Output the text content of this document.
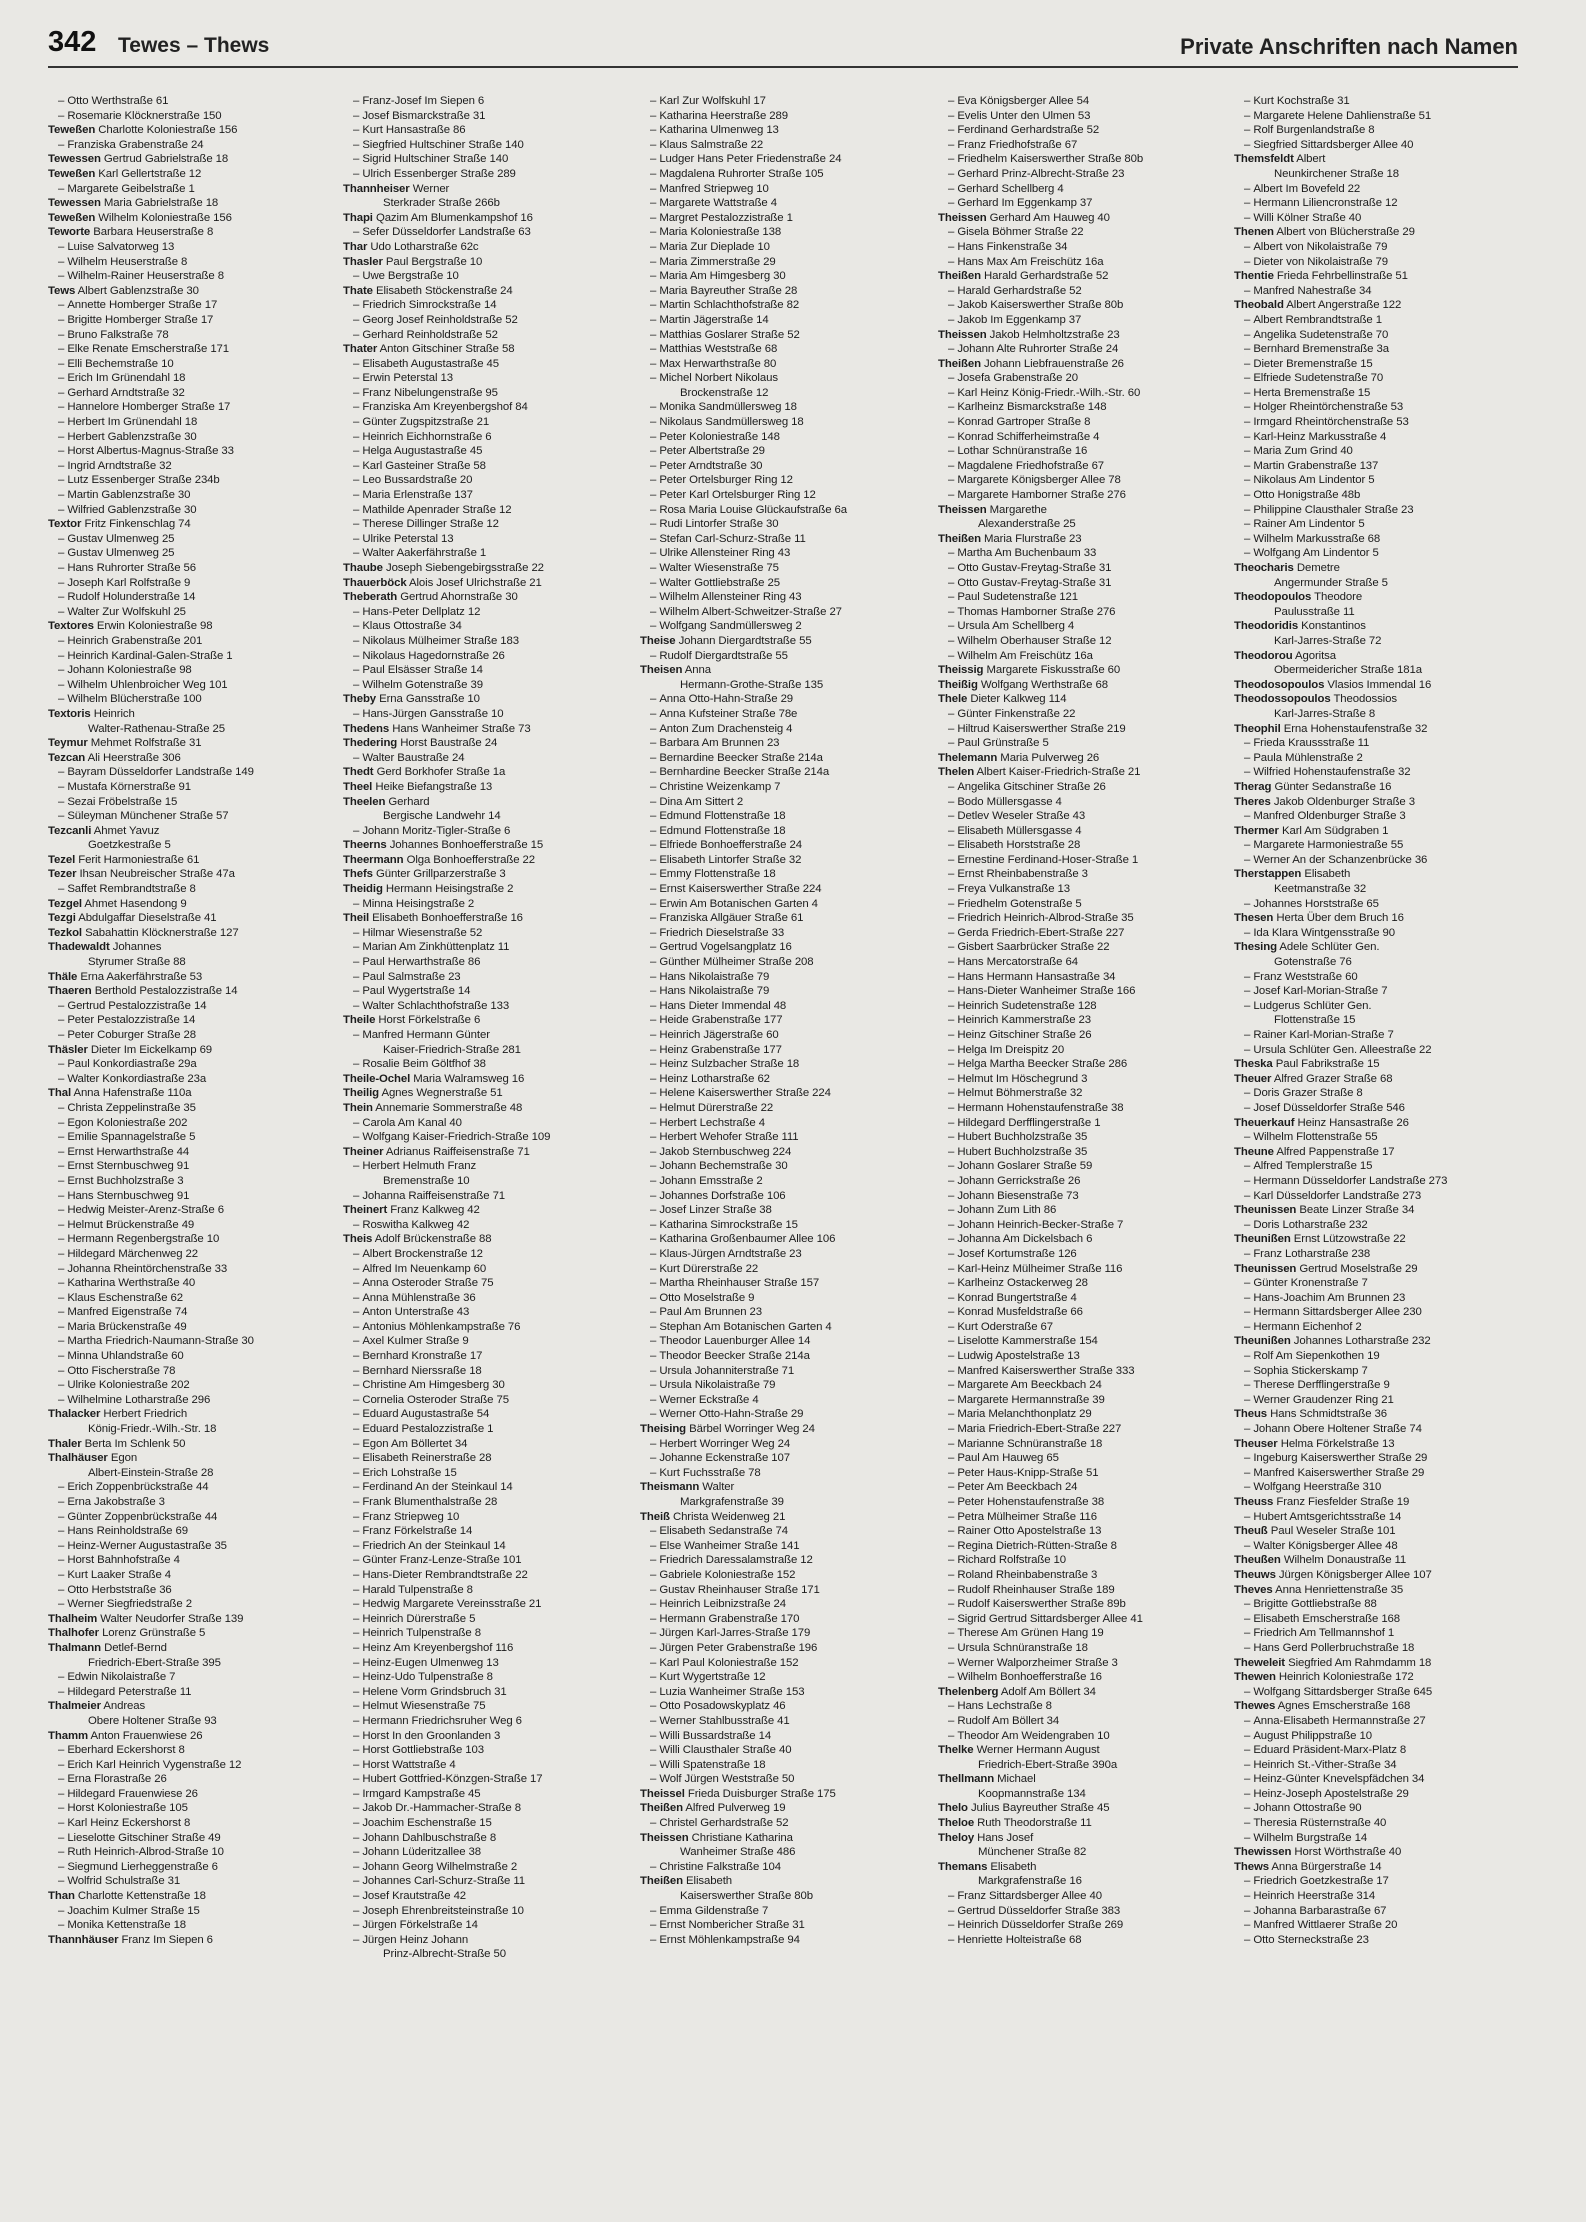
342 Tewes – Thews	Private Anschriften nach Namen
– Otto Werthstraße 61
– Rosemarie Klöcknerstraße 150
Teweßen Charlotte Koloniestraße 156
– Franziska Grabenstraße 24
Tewessen Gertrud Gabrielstraße 18
Teweßen Karl Gellertstraße 12
– Margarete Geibelstraße 1
Tewessen Maria Gabrielstraße 18
Teweßen Wilhelm Koloniestraße 156
Teworte Barbara Heuserstraße 8
– Luise Salvatorweg 13
– Wilhelm Heuserstraße 8
– Wilhelm-Rainer Heuserstraße 8
Tews Albert Gablenzstraße 30
– Annette Homberger Straße 17
– Brigitte Homberger Straße 17
– Bruno Falkstraße 78
– Elke Renate Emscherstraße 171
– Elli Bechemstraße 10
– Erich Im Grünendahl 18
– Gerhard Arndtstraße 32
– Hannelore Homberger Straße 17
– Herbert Im Grünendahl 18
– Herbert Gablenzstraße 30
– Horst Albertus-Magnus-Straße 33
– Ingrid Arndtstraße 32
– Lutz Essenberger Straße 234b
– Martin Gablenzstraße 30
– Wilfried Gablenzstraße 30
Textor Fritz Finkenschlag 74
– Gustav Ulmenweg 25
– Gustav Ulmenweg 25
– Hans Ruhrorter Straße 56
– Joseph Karl Rolfstraße 9
– Rudolf Holunderstraße 14
– Walter Zur Wolfskuhl 25
Textores Erwin Koloniestraße 98
– Heinrich Grabenstraße 201
– Heinrich Kardinal-Galen-Straße 1
– Johann Koloniestraße 98
– Wilhelm Uhlenbroicher Weg 101
– Wilhelm Blücherstraße 100
Textoris Heinrich
Walter-Rathenau-Straße 25
Teymur Mehmet Rolfstraße 31
Tezcan Ali Heerstraße 306
– Bayram Düsseldorfer Landstraße 149
– Mustafa Körnerstraße 91
– Sezai Fröbelstraße 15
– Süleyman Münchener Straße 57
Tezcanli Ahmet Yavuz
Goetzkestraße 5
Tezel Ferit Harmoniestraße 61
Tezer Ihsan Neubreischer Straße 47a
– Saffet Rembrandtstraße 8
Tezgel Ahmet Hasendong 9
Tezgi Abdulgaffar Dieselstraße 41
Tezkol Sabahattin Klöcknerstraße 127
Thadewaldt Johannes
Styrumer Straße 88
Thäle Erna Aakerfährstraße 53
Thaeren Berthold Pestalozzistraße 14
– Gertrud Pestalozzistraße 14
– Peter Pestalozzistraße 14
– Peter Coburger Straße 28
Thäsler Dieter Im Eickelkamp 69
– Paul Konkordiastraße 29a
– Walter Konkordiastraße 23a
Thal Anna Hafenstraße 110a
– Christa Zeppelinstraße 35
– Egon Koloniestraße 202
– Emilie Spannagelstraße 5
– Ernst Herwarthstraße 44
– Ernst Sternbuschweg 91
– Ernst Buchholzstraße 3
– Hans Sternbuschweg 91
– Hedwig Meister-Arenz-Straße 6
– Helmut Brückenstraße 49
– Hermann Regenbergstraße 10
– Hildegard Märchenweg 22
– Johanna Rheintörchenstraße 33
– Katharina Werthstraße 40
– Klaus Eschenstraße 62
– Manfred Eigenstraße 74
– Maria Brückenstraße 49
– Martha Friedrich-Naumann-Straße 30
– Minna Uhlandstraße 60
– Otto Fischerstraße 78
– Ulrike Koloniestraße 202
– Wilhelmine Lotharstraße 296
Thalacker Herbert Friedrich
König-Friedr.-Wilh.-Str. 18
Thaler Berta Im Schlenk 50
Thalhäuser Egon
Albert-Einstein-Straße 28
– Erich Zoppenbrückstraße 44
– Erna Jakobstraße 3
– Günter Zoppenbrückstraße 44
– Hans Reinholdstraße 69
– Heinz-Werner Augustastraße 35
– Horst Bahnhofstraße 4
– Kurt Laaker Straße 4
– Otto Herbststraße 36
– Werner Siegfriedstraße 2
Thalheim Walter Neudorfer Straße 139
Thalhofer Lorenz Grünstraße 5
Thalmann Detlef-Bernd
Friedrich-Ebert-Straße 395
– Edwin Nikolaistraße 7
– Hildegard Peterstraße 11
Thalmeier Andreas
Obere Holtener Straße 93
Thamm Anton Frauenwiese 26
– Eberhard Eckershorst 8
– Erich Karl Heinrich Vygenstraße 12
– Erna Florastraße 26
– Hildegard Frauenwiese 26
– Horst Koloniestraße 105
– Karl Heinz Eckershorst 8
– Lieselotte Gitschiner Straße 49
– Ruth Heinrich-Albrod-Straße 10
– Siegmund Lierheggenstraße 6
– Wolfrid Schulstraße 31
Than Charlotte Kettenstraße 18
– Joachim Kulmer Straße 15
– Monika Kettenstraße 18
Thannhäuser Franz Im Siepen 6
– Franz-Josef Im Siepen 6
– Josef Bismarckstraße 31
– Kurt Hansastraße 86
– Siegfried Hultschiner Straße 140
– Sigrid Hultschiner Straße 140
– Ulrich Essenberger Straße 289
Thannheiser Werner
Sterkrader Straße 266b
Thapi Qazim Am Blumenkampshof 16
– Sefer Düsseldorfer Landstraße 63
Thar Udo Lotharstraße 62c
Thasler Paul Bergstraße 10
– Uwe Bergstraße 10
Thate Elisabeth Stöckenstraße 24
– Friedrich Simrockstraße 14
– Georg Josef Reinholdstraße 52
– Gerhard Reinholdstraße 52
Thater Anton Gitschiner Straße 58
– Elisabeth Augustastraße 45
– Erwin Peterstal 13
– Franz Nibelungenstraße 95
– Franziska Am Kreyenbergshof 84
– Günter Zugspitzstraße 21
– Heinrich Eichhornstraße 6
– Helga Augustastraße 45
– Karl Gasteiner Straße 58
– Leo Bussardstraße 20
– Maria Erlenstraße 137
– Mathilde Apenrader Straße 12
– Therese Dillinger Straße 12
– Ulrike Peterstal 13
– Walter Aakerfährstraße 1
Thaube Joseph Siebengebirgsstraße 22
Thauerböck Alois Josef Ulrichstraße 21
Theberath Gertrud Ahornstraße 30
– Hans-Peter Dellplatz 12
– Klaus Ottostraße 34
– Nikolaus Mülheimer Straße 183
– Nikolaus Hagedornstraße 26
– Paul Elsässer Straße 14
– Wilhelm Gotenstraße 39
Theby Erna Gansstraße 10
– Hans-Jürgen Gansstraße 10
Thedens Hans Wanheimer Straße 73
Thedering Horst Baustraße 24
– Walter Baustraße 24
Thedt Gerd Borkhofer Straße 1a
Theel Heike Biefangstraße 13
Theelen Gerhard
Bergische Landwehr 14
– Johann Moritz-Tigler-Straße 6
Theerns Johannes Bonhoefferstraße 15
Theermann Olga Bonhoefferstraße 22
Thefs Günter Grillparzerstraße 3
Theidig Hermann Heisingstraße 2
– Minna Heisingstraße 2
Theil Elisabeth Bonhoefferstraße 16
– Hilmar Wiesenstraße 52
– Marian Am Zinkhüttenplatz 11
– Paul Herwarthstraße 86
– Paul Salmstraße 23
– Paul Wygertstraße 14
– Walter Schlachthofstraße 133
Theile Horst Förkelstraße 6
– Manfred Hermann Günter
Kaiser-Friedrich-Straße 281
– Rosalie Beim Göltfhof 38
Theile-Ochel Maria Walramsweg 16
Theilig Agnes Wegnerstraße 51
Thein Annemarie Sommerstraße 48
– Carola Am Kanal 40
– Wolfgang Kaiser-Friedrich-Straße 109
Theiner Adrianus Raiffeisenstraße 71
– Herbert Helmuth Franz
Bremenstraße 10
– Johanna Raiffeisenstraße 71
Theinert Franz Kalkweg 42
– Roswitha Kalkweg 42
Theis Adolf Brückenstraße 88
– Albert Brockenstraße 12
– Alfred Im Neuenkamp 60
– Anna Osteroder Straße 75
– Anna Mühlenstraße 36
– Anton Unterstraße 43
– Antonius Möhlenkampstraße 76
– Axel Kulmer Straße 9
– Bernhard Kronstraße 17
– Bernhard Nierssraße 18
– Christine Am Himgesberg 30
– Cornelia Osteroder Straße 75
– Eduard Augustastraße 54
– Eduard Pestalozzistraße 1
– Egon Am Böllertet 34
– Elisabeth Reinerstraße 28
– Erich Lohstraße 15
– Ferdinand An der Steinkaul 14
– Frank Blumenthalstraße 28
– Franz Striepweg 10
– Franz Förkelstraße 14
– Friedrich An der Steinkaul 14
– Günter Franz-Lenze-Straße 101
– Hans-Dieter Rembrandtstraße 22
– Harald Tulpenstraße 8
– Hedwig Margarete Vereinsstraße 21
– Heinrich Dürerstraße 5
– Heinrich Tulpenstraße 8
– Heinz Am Kreyenbergshof 116
– Heinz-Eugen Ulmenweg 13
– Heinz-Udo Tulpenstraße 8
– Helene Vorm Grindsbruch 31
– Helmut Wiesenstraße 75
– Hermann Friedrichsruher Weg 6
– Horst In den Groonlanden 3
– Horst Gottliebstraße 103
– Horst Wattstraße 4
– Hubert Gottfried-Könzgen-Straße 17
– Irmgard Kampstraße 45
– Jakob Dr.-Hammacher-Straße 8
– Joachim Eschenstraße 15
– Johann Dahlbuschstraße 8
– Johann Lüderitzallee 38
– Johann Georg Wilhelmstraße 2
– Johannes Carl-Schurz-Straße 11
– Josef Krautstraße 42
– Joseph Ehrenbreitsteinstraße 10
– Jürgen Förkelstraße 14
– Jürgen Heinz Johann
Prinz-Albrecht-Straße 50
– Karl Zur Wolfskuhl 17
– Katharina Heerstraße 289
– Katharina Ulmenweg 13
– Klaus Salmstraße 22
– Ludger Hans Peter Friedenstraße 24
– Magdalena Ruhrorter Straße 105
– Manfred Striepweg 10
– Margarete Wattstraße 4
– Margret Pestalozzistraße 1
– Maria Koloniestraße 138
– Maria Zur Dieplade 10
– Maria Zimmerstraße 29
– Maria Am Himgesberg 30
– Maria Bayreuther Straße 28
– Martin Schlachthofstraße 82
– Martin Jägerstraße 14
– Matthias Goslarer Straße 52
– Matthias Weststraße 68
– Max Herwarthstraße 80
– Michel Norbert Nikolaus
Brockenstraße 12
– Monika Sandmüllersweg 18
– Nikolaus Sandmüllersweg 18
– Peter Koloniestraße 148
– Peter Albertstraße 29
– Peter Arndtstraße 30
– Peter Ortelsburger Ring 12
– Peter Karl Ortelsburger Ring 12
– Rosa Maria Louise Glückaufstraße 6a
– Rudi Lintorfer Straße 30
– Stefan Carl-Schurz-Straße 11
– Ulrike Allensteiner Ring 43
– Walter Wiesenstraße 75
– Walter Gottliebstraße 25
– Wilhelm Allensteiner Ring 43
– Wilhelm Albert-Schweitzer-Straße 27
– Wolfgang Sandmüllersweg 2
Theise Johann Diergardtstraße 55
– Rudolf Diergardtstraße 55
Theisen Anna
Hermann-Grothe-Straße 135
– Anna Otto-Hahn-Straße 29
– Anna Kufsteiner Straße 78e
– Anton Zum Drachensteig 4
– Barbara Am Brunnen 23
– Bernardine Beecker Straße 214a
– Bernhardine Beecker Straße 214a
– Christine Weizenkamp 7
– Dina Am Sittert 2
– Edmund Flottenstraße 18
– Edmund Flottenstraße 18
– Elfriede Bonhoefferstraße 24
– Elisabeth Lintorfer Straße 32
– Emmy Flottenstraße 18
– Ernst Kaiserswerther Straße 224
– Erwin Am Botanischen Garten 4
– Franziska Allgäuer Straße 61
– Friedrich Dieselstraße 33
– Gertrud Vogelsangplatz 16
– Günther Mülheimer Straße 208
– Hans Nikolaistraße 79
– Hans Nikolaistraße 79
– Hans Dieter Immendal 48
– Heide Grabenstraße 177
– Heinrich Jägerstraße 60
– Heinz Grabenstraße 177
– Heinz Sulzbacher Straße 18
– Heinz Lotharstraße 62
– Helene Kaiserswerther Straße 224
– Helmut Dürerstraße 22
– Herbert Lechstraße 4
– Herbert Wehofer Straße 111
– Jakob Sternbuschweg 224
– Johann Bechemstraße 30
– Johann Emsstraße 2
– Johannes Dorfstraße 106
– Josef Linzer Straße 38
– Katharina Simrockstraße 15
– Katharina Großenbaumer Allee 106
– Klaus-Jürgen Arndtstraße 23
– Kurt Dürerstraße 22
– Martha Rheinhauser Straße 157
– Otto Moselstraße 9
– Paul Am Brunnen 23
– Stephan Am Botanischen Garten 4
– Theodor Lauenburger Allee 14
– Theodor Beecker Straße 214a
– Ursula Johanniterstraße 71
– Ursula Nikolaistraße 79
– Werner Eckstraße 4
– Werner Otto-Hahn-Straße 29
Theising Bärbel Worringer Weg 24
– Herbert Worringer Weg 24
– Johanne Eckenstraße 107
– Kurt Fuchsstraße 78
Theismann Walter
Markgrafenstraße 39
Theiß Christa Weidenweg 21
– Elisabeth Sedanstraße 74
– Else Wanheimer Straße 141
– Friedrich Daressalamstraße 12
– Gabriele Koloniestraße 152
– Gustav Rheinhauser Straße 171
– Heinrich Leibnizstraße 24
– Hermann Grabenstraße 170
– Jürgen Karl-Jarres-Straße 179
– Jürgen Peter Grabenstraße 196
– Karl Paul Koloniestraße 152
– Kurt Wygertstraße 12
– Luzia Wanheimer Straße 153
– Otto Posadowskyplatz 46
– Werner Stahlbusstraße 41
– Willi Bussardstraße 14
– Willi Clausthaler Straße 40
– Willi Spatenstraße 18
– Wolf Jürgen Weststraße 50
Theissel Frieda Duisburger Straße 175
Theißen Alfred Pulverweg 19
– Christel Gerhardstraße 52
Theissen Christiane Katharina
Wanheimer Straße 486
– Christine Falkstraße 104
Theißen Elisabeth
Kaiserswerther Straße 80b
– Emma Gildenstraße 7
– Ernst Nombericher Straße 31
– Ernst Möhlenkampstraße 94
– Eva Königsberger Allee 54
– Evelis Unter den Ulmen 53
– Ferdinand Gerhardstraße 52
– Franz Friedhofstraße 67
– Friedhelm Kaiserswerther Straße 80b
– Gerhard Prinz-Albrecht-Straße 23
– Gerhard Schellberg 4
– Gerhard Im Eggenkamp 37
Theissen Gerhard Am Hauweg 40
– Gisela Böhmer Straße 22
– Hans Finkenstraße 34
– Hans Max Am Freischütz 16a
Theißen Harald Gerhardstraße 52
– Harald Gerhardstraße 52
– Jakob Kaiserswerther Straße 80b
– Jakob Im Eggenkamp 37
Theissen Jakob Helmholtzstraße 23
– Johann Alte Ruhrorter Straße 24
Theißen Johann Liebfrauenstraße 26
– Josefa Grabenstraße 20
– Karl Heinz König-Friedr.-Wilh.-Str. 60
– Karlheinz Bismarckstraße 148
– Konrad Gartroper Straße 8
– Konrad Schifferheimstraße 4
– Lothar Schnüranstraße 16
– Magdalene Friedhofstraße 67
– Margarete Königsberger Allee 78
– Margarete Hamborner Straße 276
Theissen Margarethe
Alexanderstraße 25
Theißen Maria Flurstraße 23
– Martha Am Buchenbaum 33
– Otto Gustav-Freytag-Straße 31
– Otto Gustav-Freytag-Straße 31
– Paul Sudetenstraße 121
– Thomas Hamborner Straße 276
– Ursula Am Schellberg 4
– Wilhelm Oberhauser Straße 12
– Wilhelm Am Freischütz 16a
Theissig Margarete Fiskusstraße 60
Theißig Wolfgang Werthstraße 68
Thele Dieter Kalkweg 114
– Günter Finkenstraße 22
– Hiltrud Kaiserswerther Straße 219
– Paul Grünstraße 5
Thelemann Maria Pulverweg 26
Thelen Albert Kaiser-Friedrich-Straße 21
– Angelika Gitschiner Straße 26
– Bodo Müllersgasse 4
– Detlev Weseler Straße 43
– Elisabeth Müllersgasse 4
– Elisabeth Horststraße 28
– Ernestine Ferdinand-Hoser-Straße 1
– Ernst Rheinbabenstraße 3
– Freya Vulkanstraße 13
– Friedhelm Gotenstraße 5
– Friedrich Heinrich-Albrod-Straße 35
– Gerda Friedrich-Ebert-Straße 227
– Gisbert Saarbrücker Straße 22
– Hans Mercatorstraße 64
– Hans Hermann Hansastraße 34
– Hans-Dieter Wanheimer Straße 166
– Heinrich Sudetenstraße 128
– Heinrich Kammerstraße 23
– Heinz Gitschiner Straße 26
– Helga Im Dreispitz 20
– Helga Martha Beecker Straße 286
– Helmut Im Höschegrund 3
– Helmut Böhmerstraße 32
– Hermann Hohenstaufenstraße 38
– Hildegard Derfflingerstraße 1
– Hubert Buchholzstraße 35
– Hubert Buchholzstraße 35
– Johann Goslarer Straße 59
– Johann Gerrickstraße 26
– Johann Biesenstraße 73
– Johann Zum Lith 86
– Johann Heinrich-Becker-Straße 7
– Johanna Am Dickelsbach 6
– Josef Kortumstraße 126
– Karl-Heinz Mülheimer Straße 116
– Karlheinz Ostackerweg 28
– Konrad Bungertstraße 4
– Konrad Musfeldstraße 66
– Kurt Oderstraße 67
– Liselotte Kammerstraße 154
– Ludwig Apostelstraße 13
– Manfred Kaiserswerther Straße 333
– Margarete Am Beeckbach 24
– Margarete Hermannstraße 39
– Maria Melanchthonplatz 29
– Maria Friedrich-Ebert-Straße 227
– Marianne Schnüranstraße 18
– Paul Am Hauweg 65
– Peter Haus-Knipp-Straße 51
– Peter Am Beeckbach 24
– Peter Hohenstaufenstraße 38
– Petra Mülheimer Straße 116
– Rainer Otto Apostelstraße 13
– Regina Dietrich-Rütten-Straße 8
– Richard Rolfstraße 10
– Roland Rheinbabenstraße 3
– Rudolf Rheinhauser Straße 189
– Rudolf Kaiserswerther Straße 89b
– Sigrid Gertrud Sittardsberger Allee 41
– Therese Am Grünen Hang 19
– Ursula Schnüranstraße 18
– Werner Walporzheimer Straße 3
– Wilhelm Bonhoefferstraße 16
Thelenberg Adolf Am Böllert 34
– Hans Lechstraße 8
– Rudolf Am Böllert 34
– Theodor Am Weidengraben 10
Thelke Werner Hermann August
Friedrich-Ebert-Straße 390a
Thellmann Michael
Koopmannstraße 134
Thelo Julius Bayreuther Straße 45
Theloe Ruth Theodorstraße 11
Theloy Hans Josef
Münchener Straße 82
Themans Elisabeth
Markgrafenstraße 16
– Franz Sittardsberger Allee 40
– Gertrud Düsseldorfer Straße 383
– Heinrich Düsseldorfer Straße 269
– Henriette Holteistraße 68
– Kurt Kochstraße 31
– Margarete Helene Dahlienstraße 51
– Rolf Burgenlandstraße 8
– Siegfried Sittardsberger Allee 40
Themsfeldt Albert
Neunkirchener Straße 18
– Albert Im Bovefeld 22
– Hermann Liliencronstraße 12
– Willi Kölner Straße 40
Thenen Albert von Blücherstraße 29
– Albert von Nikolaistraße 79
– Dieter von Nikolaistraße 79
Thentie Frieda Fehrbellinstraße 51
– Manfred Nahestraße 34
Theobald Albert Angerstraße 122
– Albert Rembrandtstraße 1
– Angelika Sudetenstraße 70
– Bernhard Bremenstraße 3a
– Dieter Bremenstraße 15
– Elfriede Sudetenstraße 70
– Herta Bremenstraße 15
– Holger Rheintörchenstraße 53
– Irmgard Rheintörchenstraße 53
– Karl-Heinz Markusstraße 4
– Maria Zum Grind 40
– Martin Grabenstraße 137
– Nikolaus Am Lindentor 5
– Otto Honigstraße 48b
– Philippine Clausthaler Straße 23
– Rainer Am Lindentor 5
– Wilhelm Markusstraße 68
– Wolfgang Am Lindentor 5
Theocharis Demetre
Angermunder Straße 5
Theodopoulos Theodore
Paulusstraße 11
Theodoridis Konstantinos
Karl-Jarres-Straße 72
Theodorou Agoritsa
Obermeidericher Straße 181a
Theodosopoulos Vlasios Immendal 16
Theodossopoulos Theodossios
Karl-Jarres-Straße 8
Theophil Erna Hohenstaufenstraße 32
– Frieda Kraussstraße 11
– Paula Mühlenstraße 2
– Wilfried Hohenstaufenstraße 32
Therag Günter Sedanstraße 16
Theres Jakob Oldenburger Straße 3
– Manfred Oldenburger Straße 3
Thermer Karl Am Südgraben 1
– Margarete Harmoniestraße 55
– Werner An der Schanzenbrücke 36
Therstappen Elisabeth
Keetmanstraße 32
– Johannes Horststraße 65
Thesen Herta Über dem Bruch 16
– Ida Klara Wintgensstraße 90
Thesing Adele Schlüter Gen.
Gotenstraße 76
– Franz Weststraße 60
– Josef Karl-Morian-Straße 7
– Ludgerus Schlüter Gen.
Flottenstraße 15
– Rainer Karl-Morian-Straße 7
– Ursula Schlüter Gen. Alleestraße 22
Theska Paul Fabrikstraße 15
Theuer Alfred Grazer Straße 68
– Doris Grazer Straße 8
– Josef Düsseldorfer Straße 546
Theuerkauf Heinz Hansastraße 26
– Wilhelm Flottenstraße 55
Theune Alfred Pappenstraße 17
– Alfred Templerstraße 15
– Hermann Düsseldorfer Landstraße 273
– Karl Düsseldorfer Landstraße 273
Theunissen Beate Linzer Straße 34
– Doris Lotharstraße 232
Theunißen Ernst Lützowstraße 22
– Franz Lotharstraße 238
Theunissen Gertrud Moselstraße 29
– Günter Kronenstraße 7
– Hans-Joachim Am Brunnen 23
– Hermann Sittardsberger Allee 230
– Hermann Eichenhof 2
Theunißen Johannes Lotharstraße 232
– Rolf Am Siepenkothen 19
– Sophia Stickerskamp 7
– Therese Derfflingerstraße 9
– Werner Graudenzer Ring 21
Theus Hans Schmidtstraße 36
– Johann Obere Holtener Straße 74
Theuser Helma Förkelstraße 13
– Ingeburg Kaiserswerther Straße 29
– Manfred Kaiserswerther Straße 29
– Wolfgang Heerstraße 310
Theuss Franz Fiesfelder Straße 19
– Hubert Amtsgerichtsstraße 14
Theuß Paul Weseler Straße 101
– Walter Königsberger Allee 48
Theußen Wilhelm Donaustraße 11
Theuws Jürgen Königsberger Allee 107
Theves Anna Henriettenstraße 35
– Brigitte Gottliebstraße 88
– Elisabeth Emscherstraße 168
– Friedrich Am Tellmannshof 1
– Hans Gerd Pollerbruchstraße 18
Theweleit Siegfried Am Rahmdamm 18
Thewen Heinrich Koloniestraße 172
– Wolfgang Sittardsberger Straße 645
Thewes Agnes Emscherstraße 168
– Anna-Elisabeth Hermannstraße 27
– August Philippstraße 10
– Eduard Präsident-Marx-Platz 8
– Heinrich St.-Vither-Straße 34
– Heinz-Günter Knevelspfädchen 34
– Heinz-Joseph Apostelstraße 29
– Johann Ottostraße 90
– Theresia Rüsternstraße 40
– Wilhelm Burgstraße 14
Thewissen Horst Wörthstraße 40
Thews Anna Bürgerstraße 14
– Friedrich Goetzkestraße 17
– Heinrich Heerstraße 314
– Johanna Barbarastraße 67
– Manfred Wittlaerer Straße 20
– Otto Sterneckstraße 23
